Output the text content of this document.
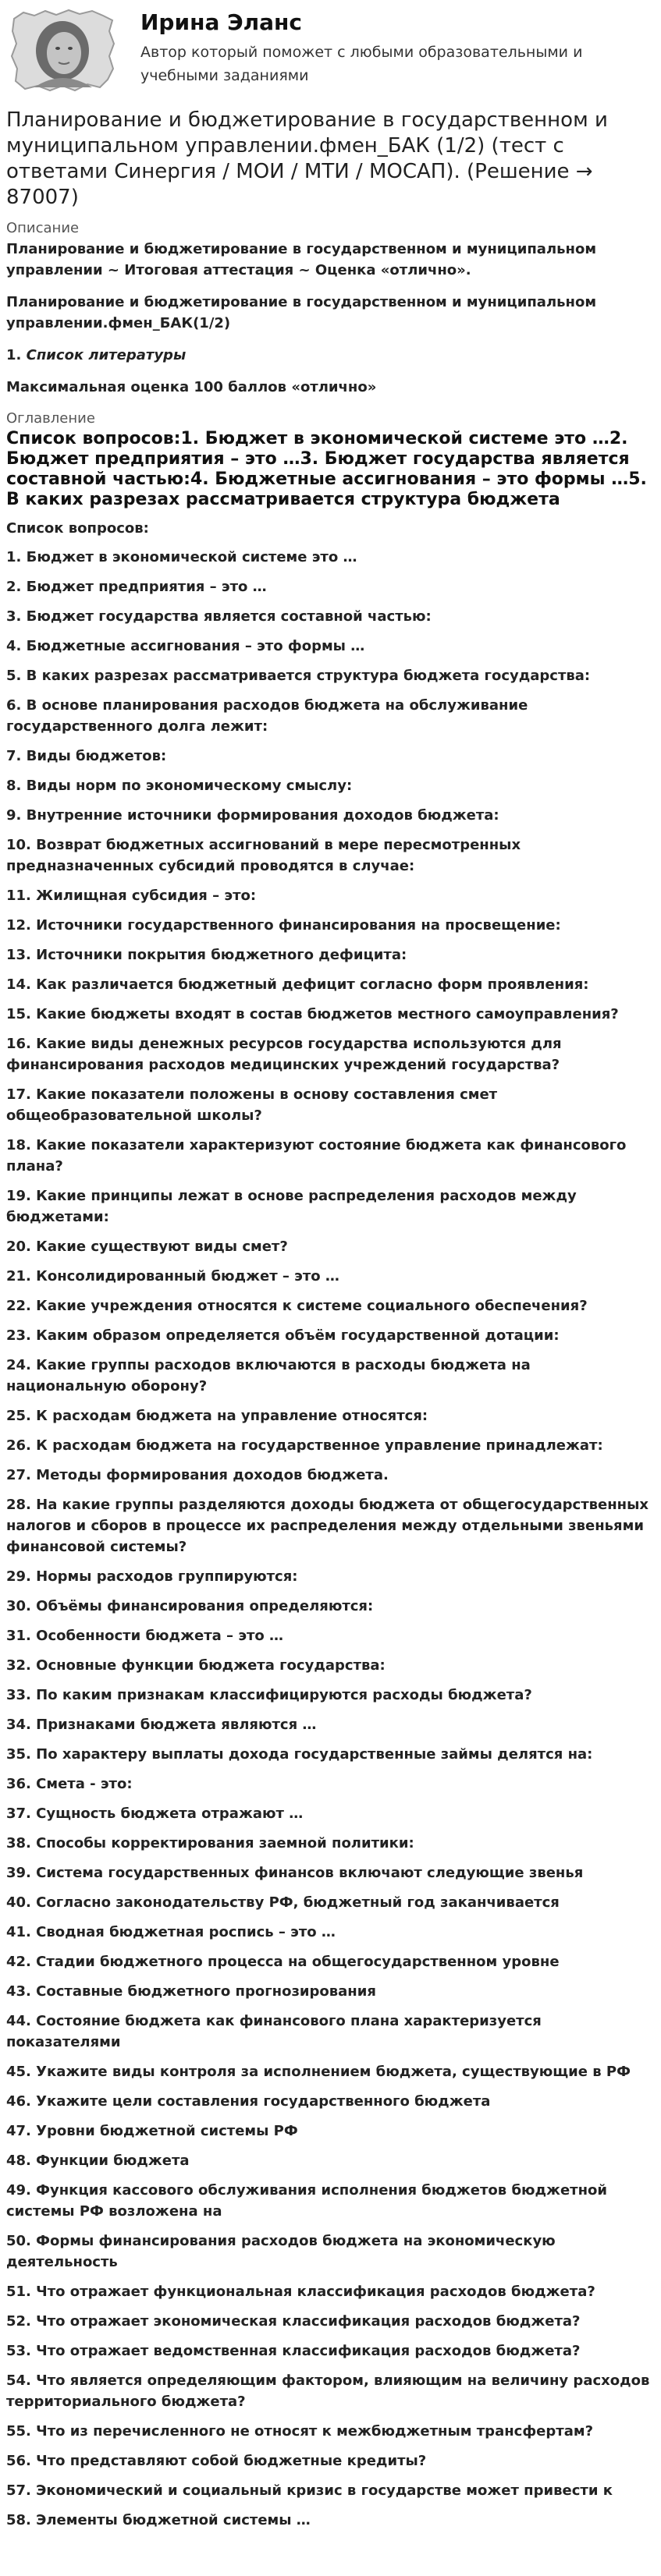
Ирина Эланс
Автор который поможет с любыми образовательными и учебными заданиями
Планирование и бюджетирование в государственном и муниципальном управлении.фмен_БАК (1/2) (тест с ответами Синергия / МОИ / МТИ / МОСАП). (Решение → 87007)
Описание

Планирование и бюджетирование в государственном и муниципальном управлении ~ Итоговая аттестация ~ Оценка «отлично».

Планирование и бюджетирование в государственном и муниципальном управлении.фмен_БАК(1/2)

1. Список литературы

Максимальная оценка 100 баллов «отлично»

Оглавление
Список вопросов:1. Бюджет в экономической системе это …2. Бюджет предприятия – это …3. Бюджет государства является составной частью:4. Бюджетные ассигнования – это формы …5. В каких разрезах рассматривается структура бюджета
Список вопросов:
1. Бюджет в экономической системе это …
2. Бюджет предприятия – это …
3. Бюджет государства является составной частью:
4. Бюджетные ассигнования – это формы …
5. В каких разрезах рассматривается структура бюджета государства:
6. В основе планирования расходов бюджета на обслуживание государственного долга лежит:
7. Виды бюджетов:
8. Виды норм по экономическому смыслу:
9. Внутренние источники формирования доходов бюджета:
10. Возврат бюджетных ассигнований в мере пересмотренных предназначенных субсидий проводятся в случае:
11. Жилищная субсидия – это:
12. Источники государственного финансирования на просвещение:
13. Источники покрытия бюджетного дефицита:
14. Как различается бюджетный дефицит согласно форм проявления:
15. Какие бюджеты входят в состав бюджетов местного самоуправления?
16. Какие виды денежных ресурсов государства используются для финансирования расходов медицинских учреждений государства?
17. Какие показатели положены в основу составления смет общеобразовательной школы?
18. Какие показатели характеризуют состояние бюджета как финансового плана?
19. Какие принципы лежат в основе распределения расходов между бюджетами:
20. Какие существуют виды смет?
21. Консолидированный бюджет – это …
22. Какие учреждения относятся к системе социального обеспечения?
23. Каким образом определяется объём государственной дотации:
24. Какие группы расходов включаются в расходы бюджета на национальную оборону?
25. К расходам бюджета на управление относятся:
26. К расходам бюджета на государственное управление принадлежат:
27. Методы формирования доходов бюджета.
28. На какие группы разделяются доходы бюджета от общегосударственных налогов и сборов в процессе их распределения между отдельными звеньями финансовой системы?
29. Нормы расходов группируются:
30. Объёмы финансирования определяются:
31. Особенности бюджета – это …
32. Основные функции бюджета государства:
33. По каким признакам классифицируются расходы бюджета?
34. Признаками бюджета являются …
35. По характеру выплаты дохода государственные займы делятся на:
36. Смета - это:
37. Сущность бюджета отражают …
38. Способы корректирования заемной политики:
39. Система государственных финансов включают следующие звенья
40. Согласно законодательству РФ, бюджетный год заканчивается
41. Сводная бюджетная роспись – это …
42. Стадии бюджетного процесса на общегосударственном уровне
43. Составные бюджетного прогнозирования
44. Состояние бюджета как финансового плана характеризуется показателями
45. Укажите виды контроля за исполнением бюджета, существующие в РФ
46. Укажите цели составления государственного бюджета
47. Уровни бюджетной системы РФ
48. Функции бюджета
49. Функция кассового обслуживания исполнения бюджетов бюджетной системы РФ возложена на
50. Формы финансирования расходов бюджета на экономическую деятельность
51. Что отражает функциональная классификация расходов бюджета?
52. Что отражает экономическая классификация расходов бюджета?
53. Что отражает ведомственная классификация расходов бюджета?
54. Что является определяющим фактором, влияющим на величину расходов территориального бюджета?
55. Что из перечисленного не относят к межбюджетным трансфертам?
56. Что представляют собой бюджетные кредиты?
57. Экономический и социальный кризис в государстве может привести к
58. Элементы бюджетной системы …
